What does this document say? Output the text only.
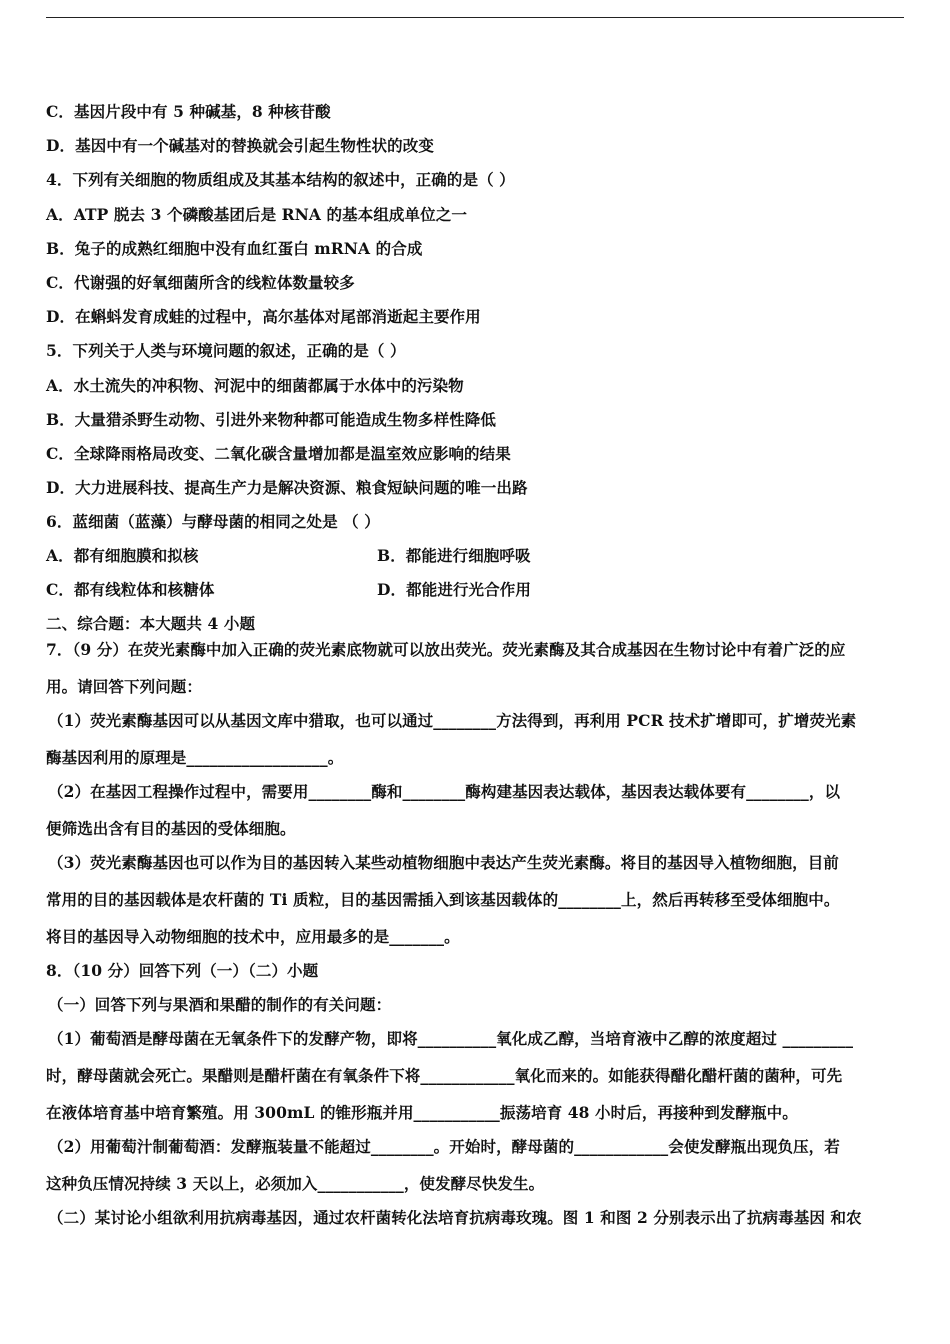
C．基因片段中有 5 种碱基，8 种核苷酸
D．基因中有一个碱基对的替换就会引起生物性状的改变
4．下列有关细胞的物质组成及其基本结构的叙述中，正确的是（ ）
A．ATP 脱去 3 个磷酸基团后是 RNA 的基本组成单位之一
B．兔子的成熟红细胞中没有血红蛋白 mRNA 的合成
C．代谢强的好氧细菌所含的线粒体数量较多
D．在蝌蚪发育成蛙的过程中，高尔基体对尾部消逝起主要作用
5．下列关于人类与环境问题的叙述，正确的是（ ）
A．水土流失的冲积物、河泥中的细菌都属于水体中的污染物
B．大量猎杀野生动物、引进外来物种都可能造成生物多样性降低
C．全球降雨格局改变、二氧化碳含量增加都是温室效应影响的结果
D．大力进展科技、提高生产力是解决资源、粮食短缺问题的唯一出路
6．蓝细菌（蓝藻）与酵母菌的相同之处是 （ ）
A．都有细胞膜和拟核	B．都能进行细胞呼吸
C．都有线粒体和核糖体	D．都能进行光合作用
二、综合题：本大题共 4 小题
7．（9 分）在荧光素酶中加入正确的荧光素底物就可以放出荧光。荧光素酶及其合成基因在生物讨论中有着广泛的应
用。请回答下列问题：
（1）荧光素酶基因可以从基因文库中猎取，也可以通过________方法得到，再利用 PCR 技术扩增即可，扩增荧光素
酶基因利用的原理是__________________。
（2）在基因工程操作过程中，需要用________酶和________酶构建基因表达载体，基因表达载体要有________，以
便筛选出含有目的基因的受体细胞。
（3）荧光素酶基因也可以作为目的基因转入某些动植物细胞中表达产生荧光素酶。将目的基因导入植物细胞，目前
常用的目的基因载体是农杆菌的 Ti 质粒，目的基因需插入到该基因载体的________上，然后再转移至受体细胞中。
将目的基因导入动物细胞的技术中，应用最多的是_______。
8．（10 分）回答下列（一）（二）小题
（一）回答下列与果酒和果醋的制作的有关问题：
（1）葡萄酒是酵母菌在无氧条件下的发酵产物，即将__________氧化成乙醇，当培育液中乙醇的浓度超过 _________
时，酵母菌就会死亡。果醋则是醋杆菌在有氧条件下将____________氧化而来的。如能获得醋化醋杆菌的菌种，可先
在液体培育基中培育繁殖。用 300mL 的锥形瓶并用___________振荡培育 48 小时后，再接种到发酵瓶中。
（2）用葡萄汁制葡萄酒：发酵瓶装量不能超过________。开始时，酵母菌的____________会使发酵瓶出现负压，若
这种负压情况持续 3 天以上，必须加入___________，使发酵尽快发生。
（二）某讨论小组欲利用抗病毒基因，通过农杆菌转化法培育抗病毒玫瑰。图 1 和图 2 分别表示出了抗病毒基因 和农
